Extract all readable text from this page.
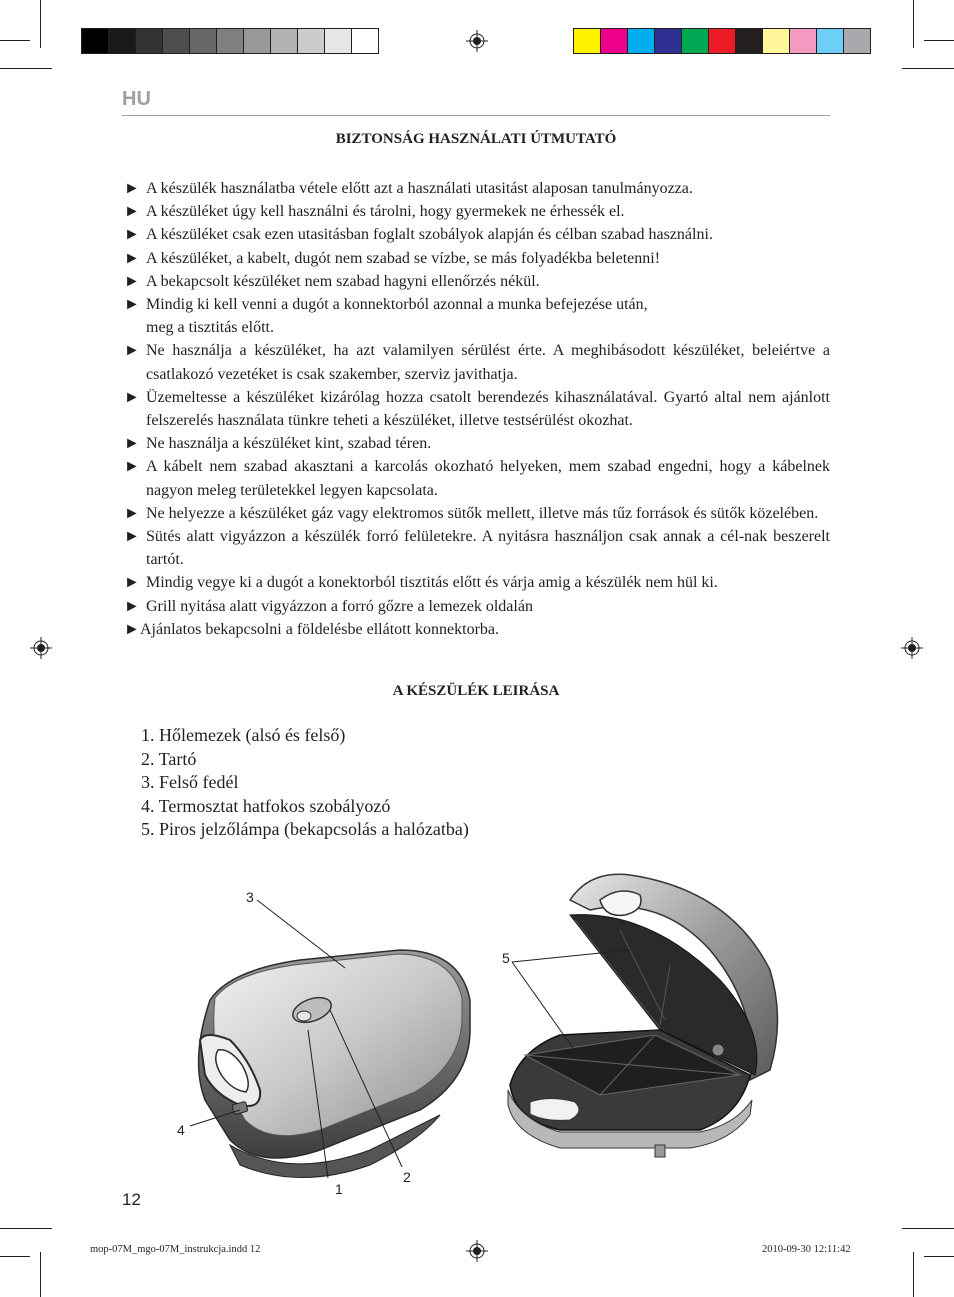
HU
BIZTONSÁG HASZNÁLATI ÚTMUTATÓ
► A készülék használatba vétele előtt azt a használati utasitást alaposan tanulmányozza.
► A készüléket úgy kell használni és tárolni, hogy gyermekek ne érhessék el.
► A készüléket csak ezen utasitásban foglalt szobályok alapján és célban szabad használni.
► A készüléket, a kabelt, dugót nem szabad se vízbe, se más folyadékba beletenni!
► A bekapcsolt készüléket nem szabad hagyni ellenőrzés nékül.
► Mindig ki kell venni a dugót a konnektorból azonnal a munka befejezése után,
meg a tisztitás előtt.
► Ne használja a készüléket, ha azt valamilyen sérülést érte. A meghibásodott készüléket, beleiértve a csatlakozó vezetéket is csak szakember, szerviz javithatja.
► Üzemeltesse a készüléket kizárólag hozza csatolt berendezés kihasználatával. Gyartó altal nem ajánlott felszerelés használata tünkre teheti a készüléket, illetve testsérülést okozhat.
► Ne használja a készüléket kint, szabad téren.
► A kábelt nem szabad akasztani a karcolás okozható helyeken, mem szabad engedni, hogy a kábelnek nagyon meleg területekkel legyen kapcsolata.
► Ne helyezze a készüléket gáz vagy elektromos sütők mellett, illetve más tűz források és sütők közelében.
► Sütés alatt vigyázzon a készülék forró felületekre. A nyitásra használjon csak annak a cél-nak beszerelt tartót.
► Mindig vegye ki a dugót a konektorból tisztitás előtt és várja amig a készülék nem hül ki.
► Grill nyitása alatt vigyázzon a forró gőzre a lemezek oldalán
► Ajánlatos bekapcsolni a földelésbe ellátott konnektorba.
A KÉSZÜLÉK LEIRÁSA
1. Hőlemezek (alsó és felső)
2. Tartó
3. Felső fedél
4. Termosztat hatfokos szobályozó
5. Piros jelzőlámpa (bekapcsolás a halózatba)
3
4
1
2
5
12
mop-07M_mgo-07M_instrukcja.indd 12	2010-09-30 12:11:42
